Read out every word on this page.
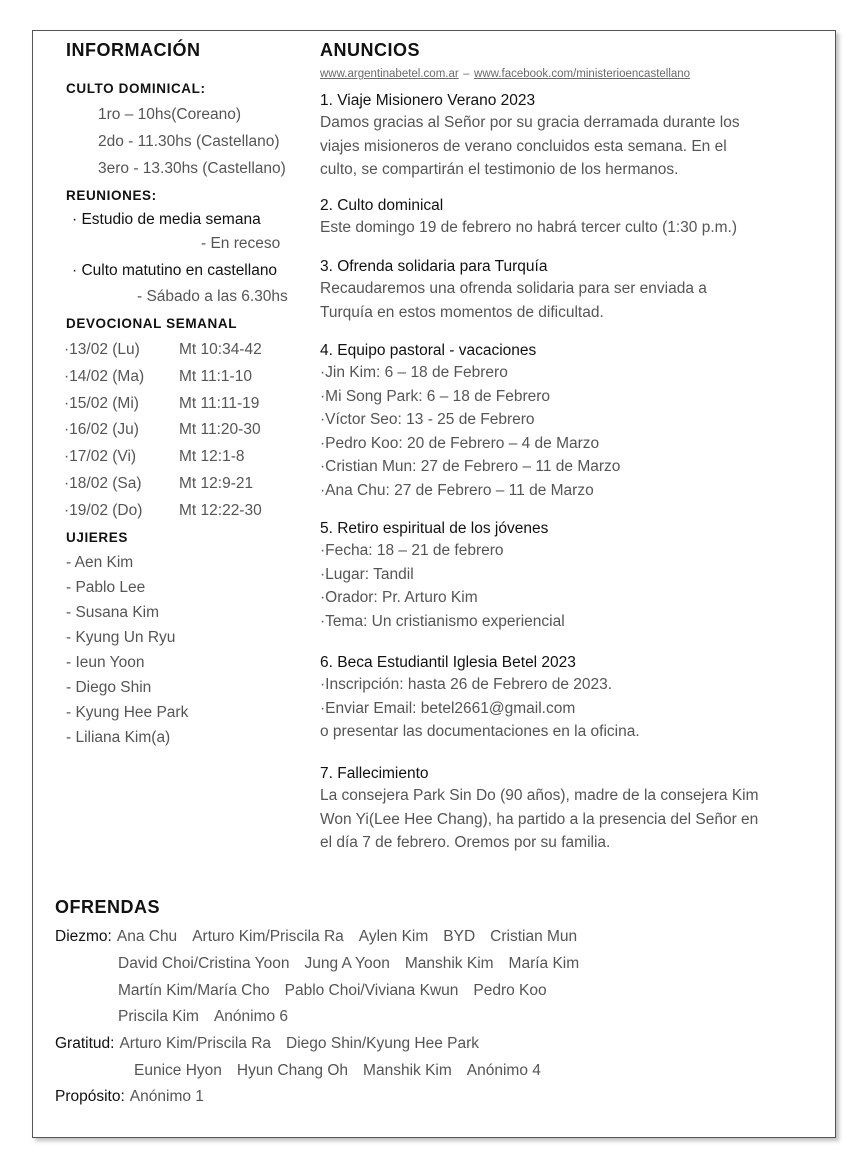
INFORMACIÓN
CULTO DOMINICAL:
1ro – 10hs(Coreano)
2do - 11.30hs (Castellano)
3ero - 13.30hs (Castellano)
REUNIONES:
· Estudio de media semana
- En receso
· Culto matutino en castellano
- Sábado a las 6.30hs
DEVOCIONAL SEMANAL
·13/02 (Lu)	Mt 10:34-42
·14/02 (Ma) Mt 11:1-10
·15/02 (Mi)	Mt 11:11-19
·16/02 (Ju)	Mt 11:20-30
·17/02 (Vi)	Mt 12:1-8
·18/02 (Sa) Mt 12:9-21
·19/02 (Do) Mt 12:22-30
UJIERES
- Aen Kim
- Pablo Lee
- Susana Kim
- Kyung Un Ryu
- Ieun Yoon
- Diego Shin
- Kyung Hee Park
- Liliana Kim(a)
ANUNCIOS
www.argentinabetel.com.ar – www.facebook.com/ministerioencastellano
1. Viaje Misionero Verano 2023
Damos gracias al Señor por su gracia derramada durante los
viajes misioneros de verano concluidos esta semana. En el
culto, se compartirán el testimonio de los hermanos.
2. Culto dominical
Este domingo 19 de febrero no habrá tercer culto (1:30 p.m.)
3. Ofrenda solidaria para Turquía
Recaudaremos una ofrenda solidaria para ser enviada a
Turquía en estos momentos de dificultad.
4. Equipo pastoral - vacaciones
·Jin Kim: 6 – 18 de Febrero
·Mi Song Park: 6 – 18 de Febrero
·Víctor Seo: 13 - 25 de Febrero
·Pedro Koo: 20 de Febrero – 4 de Marzo
·Cristian Mun: 27 de Febrero – 11 de Marzo
·Ana Chu: 27 de Febrero – 11 de Marzo
5. Retiro espiritual de los jóvenes
·Fecha: 18 – 21 de febrero
·Lugar: Tandil
·Orador: Pr. Arturo Kim
·Tema: Un cristianismo experiencial
6. Beca Estudiantil Iglesia Betel 2023
·Inscripción: hasta 26 de Febrero de 2023.
·Enviar Email: betel2661@gmail.com
o presentar las documentaciones en la oficina.
7. Fallecimiento
La consejera Park Sin Do (90 años), madre de la consejera Kim
Won Yi(Lee Hee Chang), ha partido a la presencia del Señor en
el día 7 de febrero. Oremos por su familia.
OFRENDAS
Diezmo: Ana Chu Arturo Kim/Priscila Ra Aylen Kim BYD Cristian Mun
David Choi/Cristina Yoon Jung A Yoon Manshik Kim María Kim
Martín Kim/María Cho Pablo Choi/Viviana Kwun Pedro Koo
Priscila Kim Anónimo 6
Gratitud: Arturo Kim/Priscila Ra Diego Shin/Kyung Hee Park
Eunice Hyon Hyun Chang Oh Manshik Kim Anónimo 4
Propósito: Anónimo 1
